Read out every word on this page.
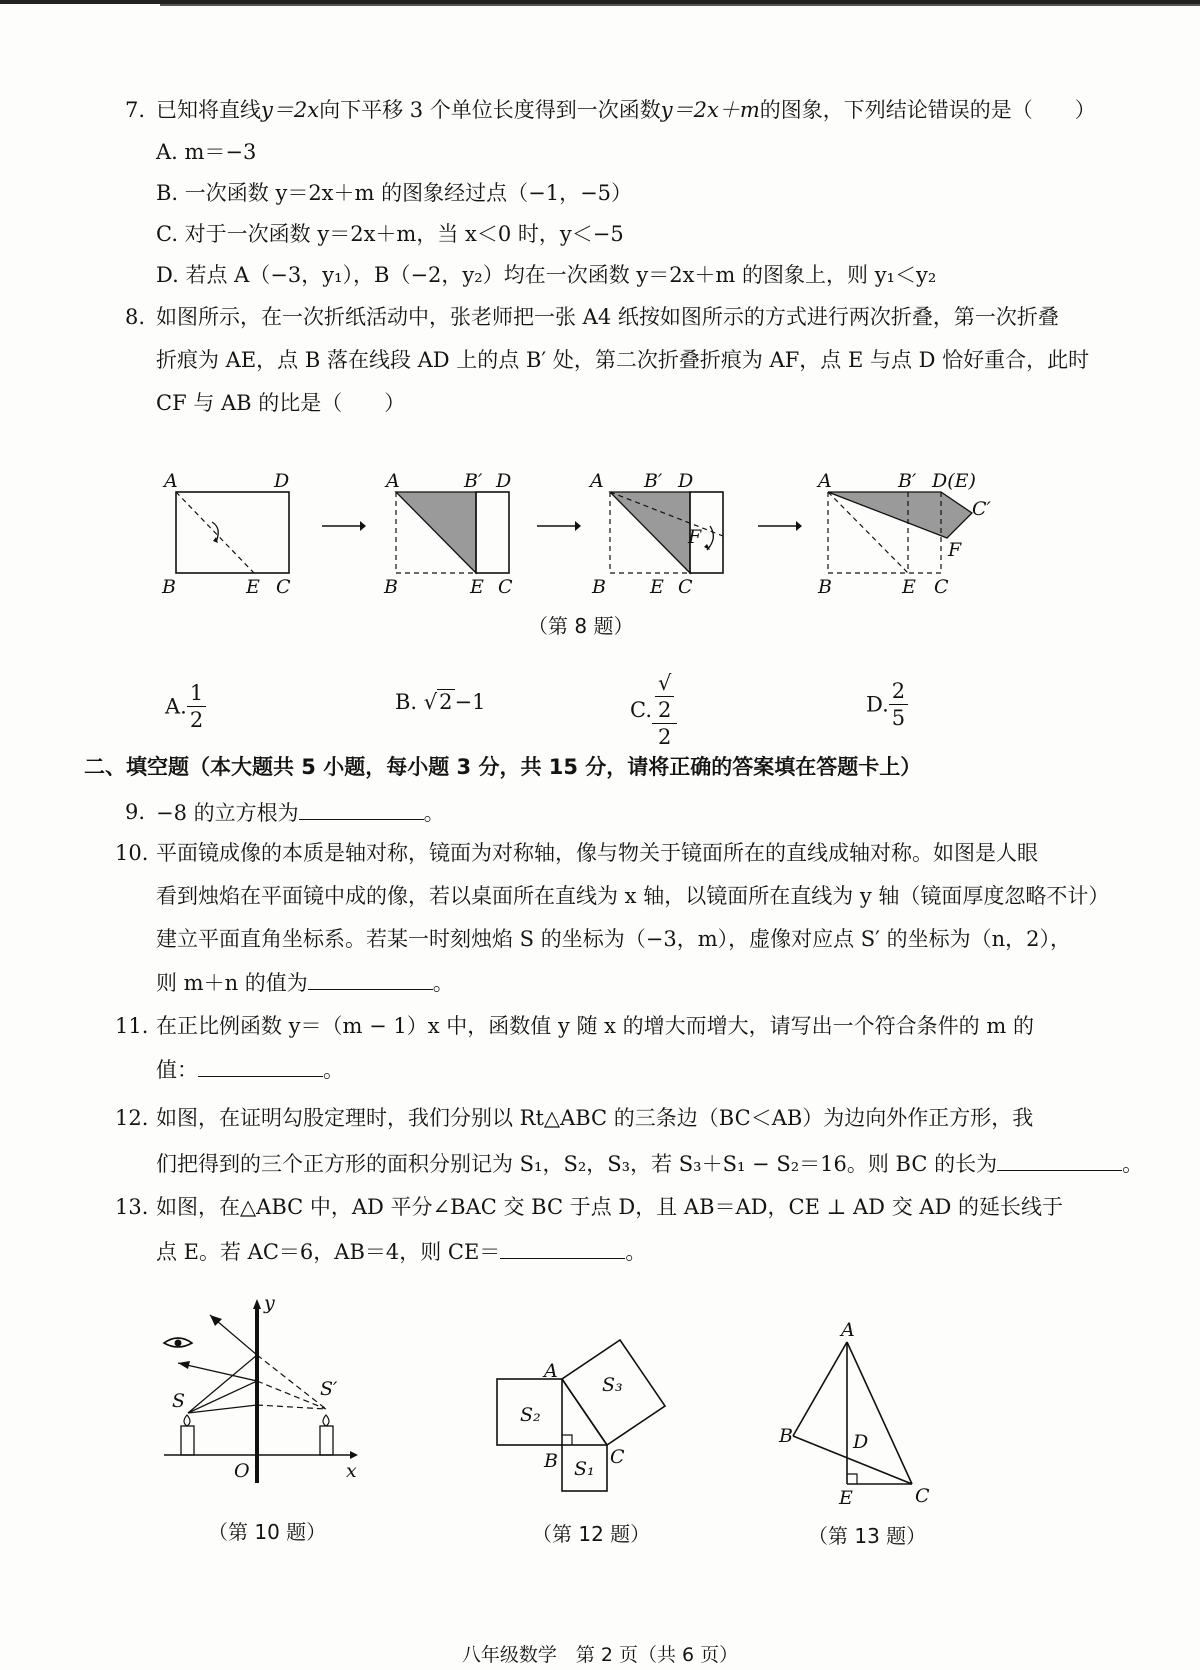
7. 已知将直线y＝2x向下平移 3 个单位长度得到一次函数y＝2x＋m的图象，下列结论错误的是（　　）
A. m＝−3
B. 一次函数 y＝2x＋m 的图象经过点（−1，−5）
C. 对于一次函数 y＝2x＋m，当 x＜0 时，y＜−5
D. 若点 A（−3，y₁），B（−2，y₂）均在一次函数 y＝2x＋m 的图象上，则 y₁＜y₂
8. 如图所示，在一次折纸活动中，张老师把一张 A4 纸按如图所示的方式进行两次折叠，第一次折叠
折痕为 AE，点 B 落在线段 AD 上的点 B′ 处，第二次折叠折痕为 AF，点 E 与点 D 恰好重合，此时
CF 与 AB 的比是（　　）
A	D
B	E C
A	B′ D
B	E C
A B′ D
F
B E C
A	B′ D(E)
C′
F
B	E C
（第 8 题）
A. $\frac{1}{2}$	B. √2−1	C. √
2
2	D. $\frac{2}{5}$
二、填空题（本大题共 5 小题，每小题 3 分，共 15 分，请将正确的答案填在答题卡上）
9. −8 的立方根为	。
10. 平面镜成像的本质是轴对称，镜面为对称轴，像与物关于镜面所在的直线成轴对称。如图是人眼
看到烛焰在平面镜中成的像，若以桌面所在直线为 x 轴，以镜面所在直线为 y 轴（镜面厚度忽略不计）
建立平面直角坐标系。若某一时刻烛焰 S 的坐标为（−3，m），虚像对应点 S′ 的坐标为（n，2），
则 m＋n 的值为	。
11. 在正比例函数 y＝（m − 1）x 中，函数值 y 随 x 的增大而增大，请写出一个符合条件的 m 的
值：	。
12. 如图，在证明勾股定理时，我们分别以 Rt△ABC 的三条边（BC＜AB）为边向外作正方形，我
们把得到的三个正方形的面积分别记为 S₁，S₂，S₃，若 S₃＋S₁ − S₂＝16。则 BC 的长为	。
13. 如图，在△ABC 中，AD 平分∠BAC 交 BC 于点 D，且 AB＝AD，CE ⊥ AD 交 AD 的延长线于
点 E。若 AC＝6，AB＝4，则 CE＝	。
y
x
O
S
S′
（第 10 题）
A
B	C
S₂
S₁
S₃
（第 12 题）
A
B	D
E	C
（第 13 题）
八年级数学　第 2 页（共 6 页）
